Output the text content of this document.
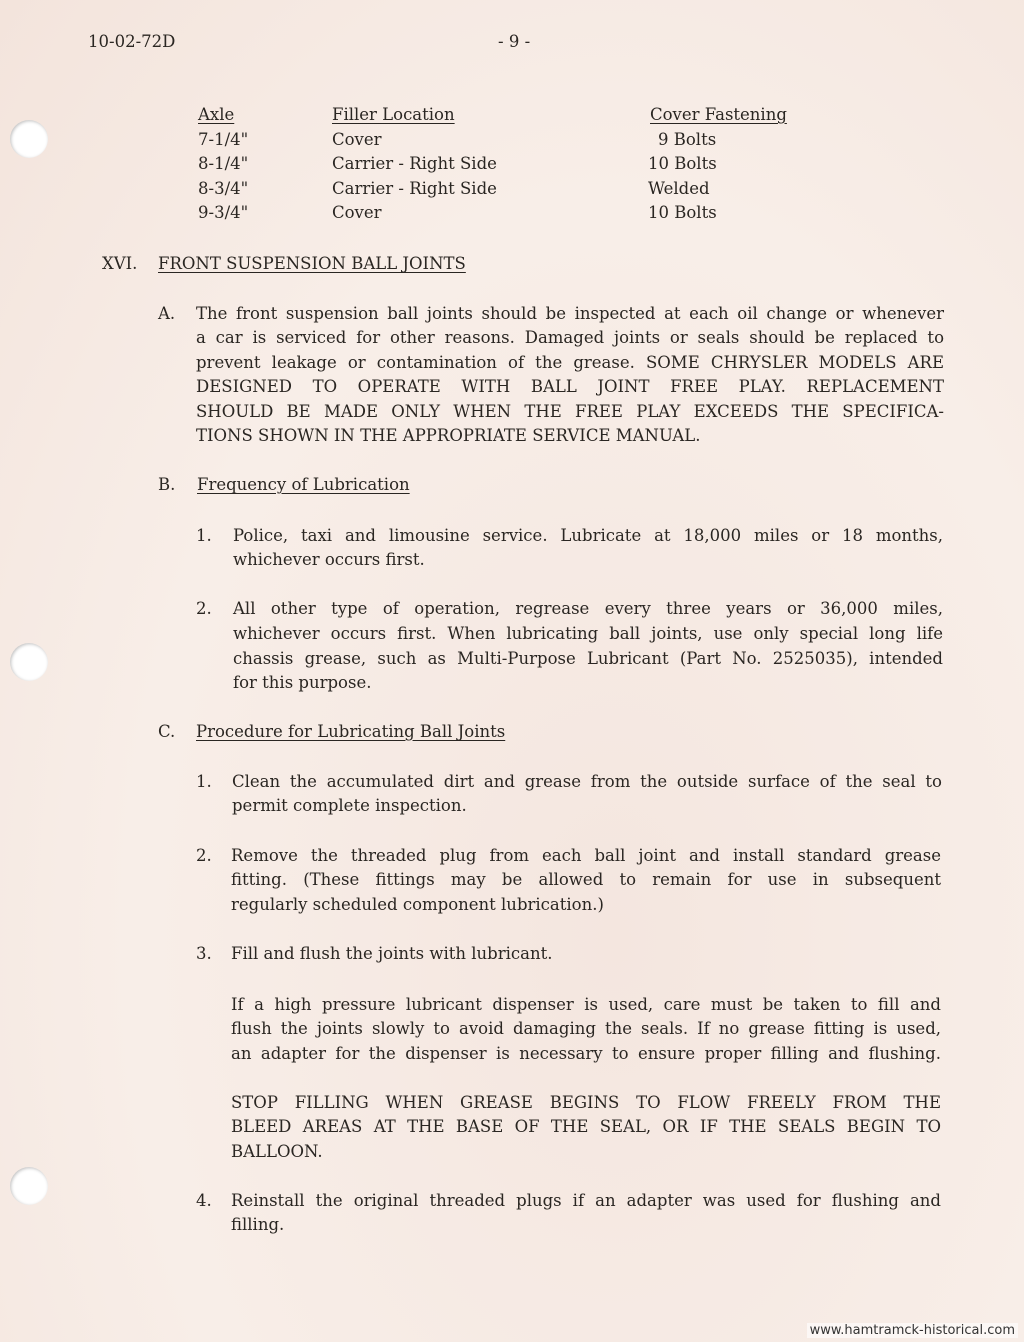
10-02-72D	- 9 -
Axle	Filler Location	Cover Fastening
7-1/4"	Cover	9 Bolts
8-1/4"	Carrier - Right Side	10 Bolts
8-3/4"	Carrier - Right Side	Welded
9-3/4"	Cover	10 Bolts
XVI. FRONT SUSPENSION BALL JOINTS
A. The front suspension ball joints should be inspected at each oil change or whenever
a car is serviced for other reasons. Damaged joints or seals should be replaced to
prevent leakage or contamination of the grease. SOME CHRYSLER MODELS ARE
DESIGNED TO OPERATE WITH BALL JOINT FREE PLAY. REPLACEMENT
SHOULD BE MADE ONLY WHEN THE FREE PLAY EXCEEDS THE SPECIFICA-
TIONS SHOWN IN THE APPROPRIATE SERVICE MANUAL.
B. Frequency of Lubrication
1. Police, taxi and limousine service. Lubricate at 18,000 miles or 18 months,
whichever occurs first.
2. All other type of operation, regrease every three years or 36,000 miles,
whichever occurs first. When lubricating ball joints, use only special long life
chassis grease, such as Multi-Purpose Lubricant (Part No. 2525035), intended
for this purpose.
C. Procedure for Lubricating Ball Joints
1. Clean the accumulated dirt and grease from the outside surface of the seal to
permit complete inspection.
2. Remove the threaded plug from each ball joint and install standard grease
fitting. (These fittings may be allowed to remain for use in subsequent
regularly scheduled component lubrication.)
3. Fill and flush the joints with lubricant.
If a high pressure lubricant dispenser is used, care must be taken to fill and
flush the joints slowly to avoid damaging the seals. If no grease fitting is used,
an adapter for the dispenser is necessary to ensure proper filling and flushing.
STOP FILLING WHEN GREASE BEGINS TO FLOW FREELY FROM THE
BLEED AREAS AT THE BASE OF THE SEAL, OR IF THE SEALS BEGIN TO
BALLOON.
4. Reinstall the original threaded plugs if an adapter was used for flushing and
filling.
www.hamtramck-historical.com
